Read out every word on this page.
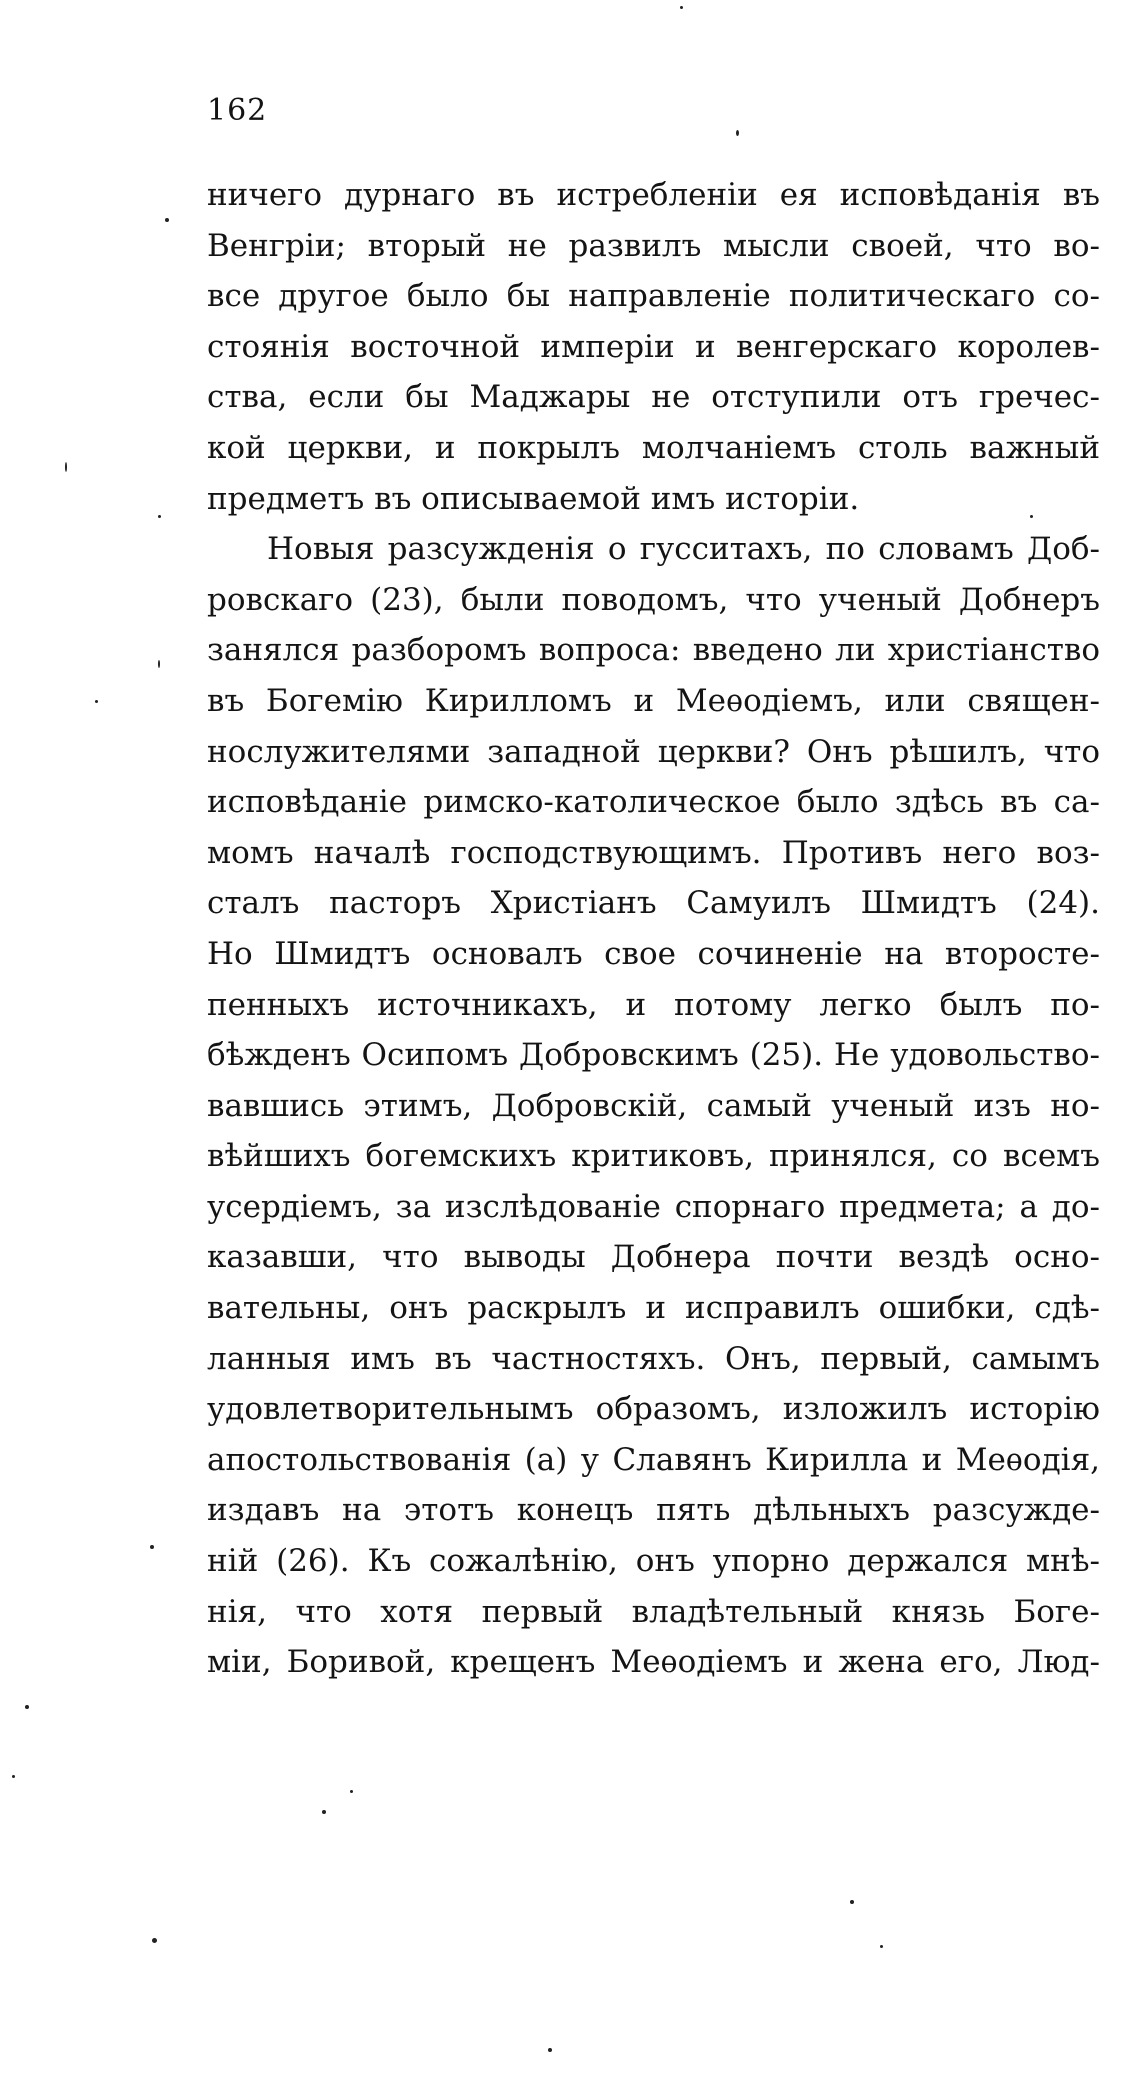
162
ничего дурнаго въ истребленіи ея исповѣданія въ
Венгріи; вторый не развилъ мысли своей, что во-
все другое было бы направленіе политическаго со-
стоянія восточной имперіи и венгерскаго королев-
ства, если бы Маджары не отступили отъ гречес-
кой церкви, и покрылъ молчаніемъ столь важный
предметъ въ описываемой имъ исторіи.
Новыя разсужденія о гусситахъ, по словамъ Доб-
ровскаго (23), были поводомъ, что ученый Добнеръ
занялся разборомъ вопроса: введено ли христіанство
въ Богемію Кирилломъ и Меѳодіемъ, или священ-
нослужителями западной церкви? Онъ рѣшилъ, что
исповѣданіе римско-католическое было здѣсь въ са-
момъ началѣ господствующимъ. Противъ него воз-
сталъ пасторъ Христіанъ Самуилъ Шмидтъ (24).
Но Шмидтъ основалъ свое сочиненіе на второсте-
пенныхъ источникахъ, и потому легко былъ по-
бѣжденъ Осипомъ Добровскимъ (25). Не удовольство-
вавшись этимъ, Добровскій, самый ученый изъ но-
вѣйшихъ богемскихъ критиковъ, принялся, со всемъ
усердіемъ, за изслѣдованіе спорнаго предмета; а до-
казавши, что выводы Добнера почти вездѣ осно-
вательны, онъ раскрылъ и исправилъ ошибки, сдѣ-
ланныя имъ въ частностяхъ. Онъ, первый, самымъ
удовлетворительнымъ образомъ, изложилъ исторію
апостольствованія (а) у Славянъ Кирилла и Меѳодія,
издавъ на этотъ конецъ пять дѣльныхъ разсужде-
ній (26). Къ сожалѣнію, онъ упорно держался мнѣ-
нія, что хотя первый владѣтельный князь Боге-
міи, Боривой, крещенъ Меѳодіемъ и жена его, Люд-
